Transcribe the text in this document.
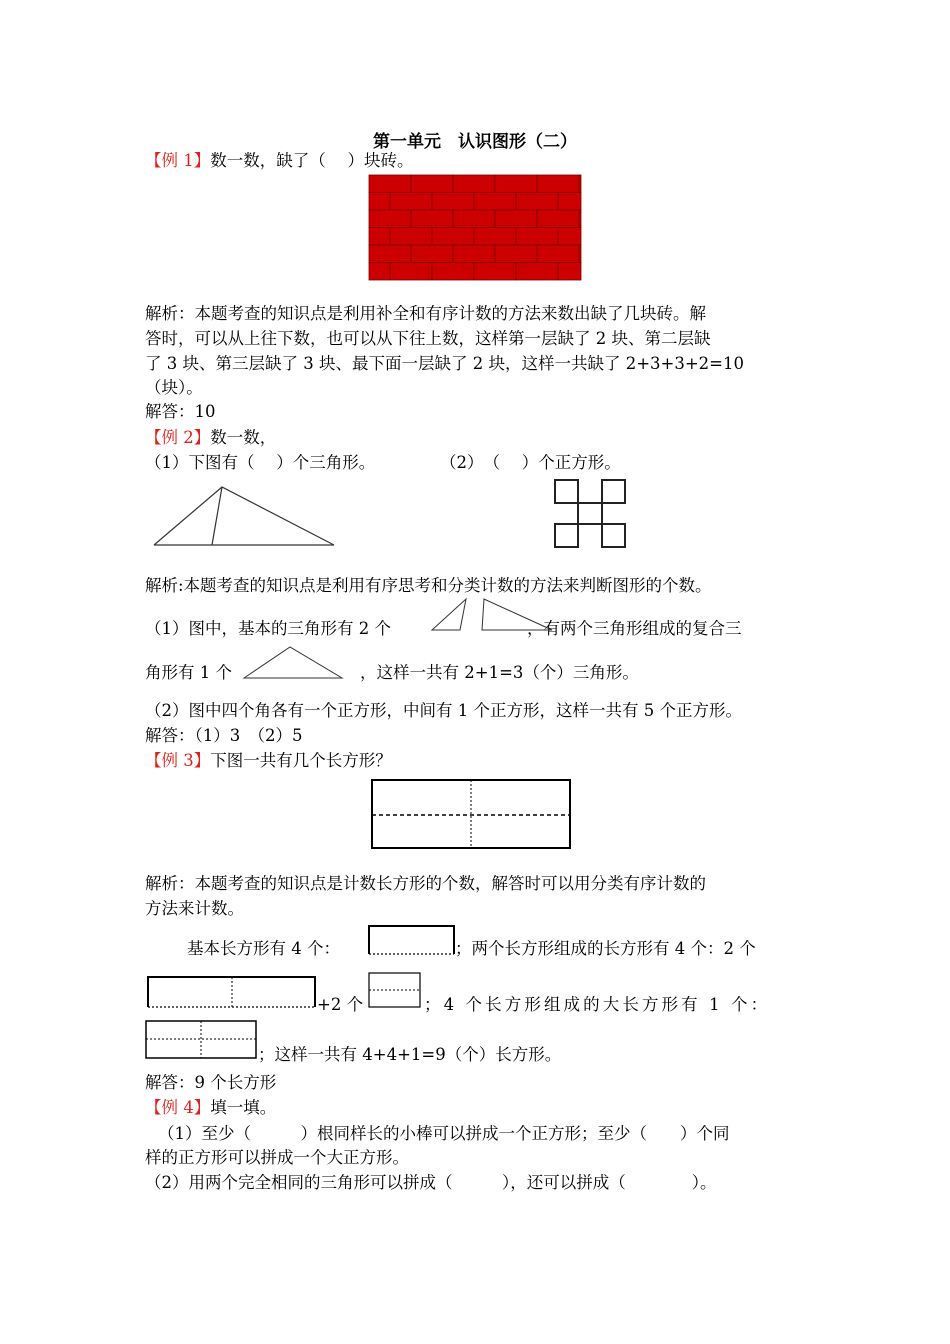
第一单元　认识图形（二）
【例 1】数一数，缺了（　 ）块砖。
解析：本题考查的知识点是利用补全和有序计数的方法来数出缺了几块砖。解
答时，可以从上往下数，也可以从下往上数，这样第一层缺了 2 块、第二层缺
了 3 块、第三层缺了 3 块、最下面一层缺了 2 块，这样一共缺了 2+3+3+2=10
（块）。
解答：10
【例 2】数一数，
（1）下图有（　 ）个三角形。	（2）　（　 ）个正方形。
解析:本题考查的知识点是利用有序思考和分类计数的方法来判断图形的个数。
（1）图中，基本的三角形有 2 个	，有两个三角形组成的复合三
角形有 1 个	，这样一共有 2+1=3（个）三角形。
（2）图中四个角各有一个正方形，中间有 1 个正方形，这样一共有 5 个正方形。
解答：（1）3　（2）5
【例 3】下图一共有几个长方形？
解析：本题考查的知识点是计数长方形的个数，解答时可以用分类有序计数的
方法来计数。
基本长方形有 4 个：	；两个长方形组成的长方形有 4 个：2 个
+2 个	；4 个长方形组成的大长方形有 1 个：
；这样一共有 4+4+1=9（个）长方形。
解答：9 个长方形
【例 4】填一填。
（1）至少（　　　）根同样长的小棒可以拼成一个正方形；至少（　　）个同
样的正方形可以拼成一个大正方形。
（2）用两个完全相同的三角形可以拼成（　　　），还可以拼成（　　　　）。
